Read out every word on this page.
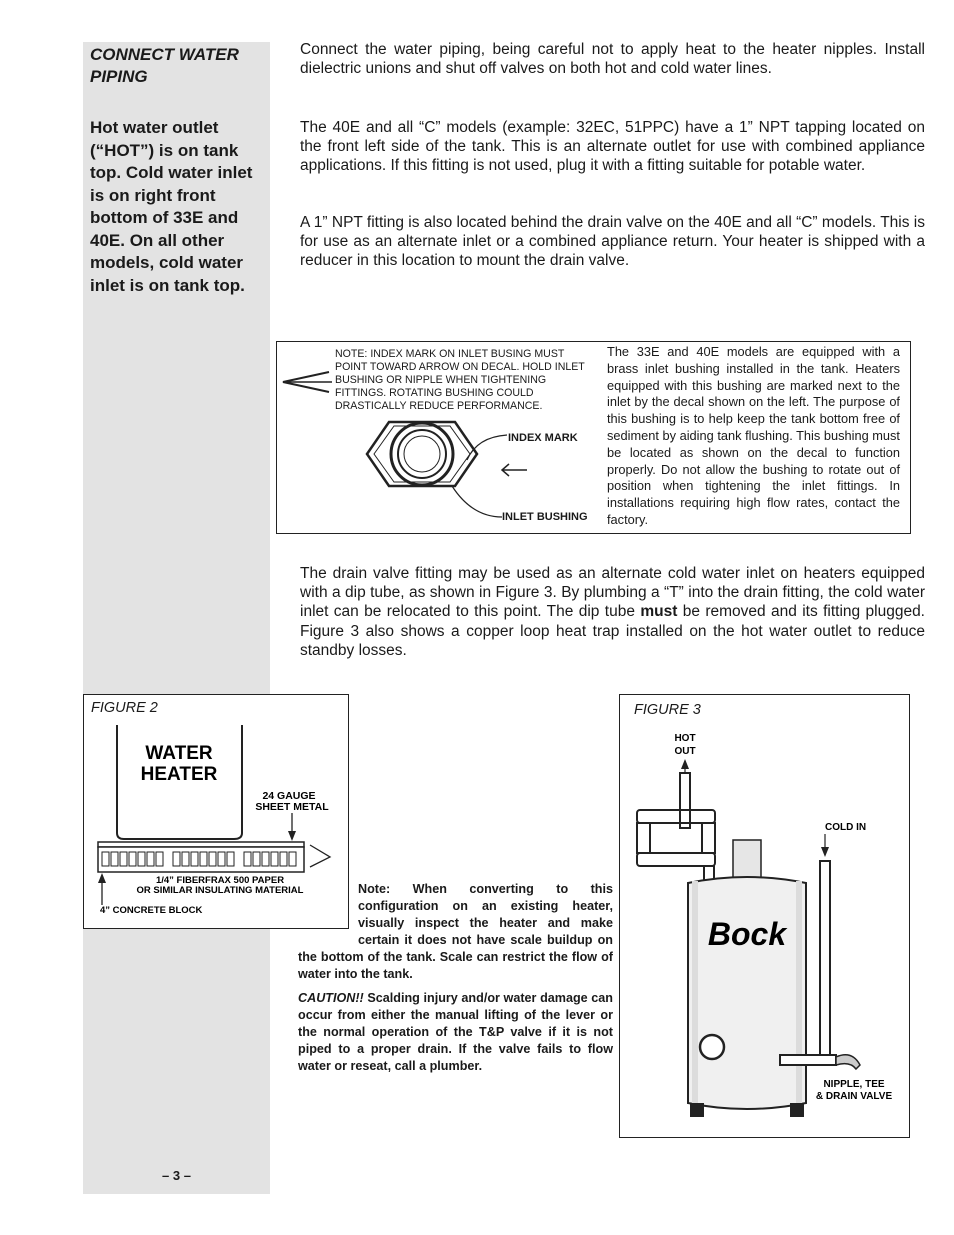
CONNECT WATER PIPING
Hot water outlet (“HOT”) is on tank top. Cold water inlet is on right front bottom of 33E and 40E. On all other models, cold water inlet is on tank top.
– 3 –
Connect the water piping, being careful not to apply heat to the heater nipples. Install dielectric unions and shut off valves on both hot and cold water lines.
The 40E and all “C” models (example: 32EC, 51PPC) have a 1” NPT tapping located on the front left side of the tank. This is an alternate outlet for use with combined appliance applications. If this fitting is not used, plug it with a fitting suitable for potable water.
A 1” NPT fitting is also located behind the drain valve on the 40E and all “C” models. This is for use as an alternate inlet or a combined appliance return. Your heater is shipped with a reducer in this location to mount the drain valve.
NOTE: INDEX MARK ON INLET BUSING MUST POINT TOWARD ARROW ON DECAL. HOLD INLET BUSHING OR NIPPLE WHEN TIGHTENING FITTINGS. ROTATING BUSHING COULD DRASTICALLY REDUCE PERFORMANCE.
INDEX MARK
INLET BUSHING
The 33E and 40E models are equipped with a brass inlet bushing installed in the tank. Heaters equipped with this bushing are marked next to the inlet by the decal shown on the left. The purpose of this bushing is to help keep the tank bottom free of sediment by aiding tank flushing. This bushing must be located as shown on the decal to function properly. Do not allow the bushing to rotate out of position when tightening the inlet fittings. In installations requiring high flow rates, contact the factory.
The drain valve fitting may be used as an alternate cold water inlet on heaters equipped with a dip tube, as shown in Figure 3. By plumbing a “T” into the drain fitting, the cold water inlet can be relocated to this point. The dip tube must be removed and its fitting plugged. Figure 3 also shows a copper loop heat trap installed on the hot water outlet to reduce standby losses.
FIGURE 2
WATER
HEATER
24 GAUGE
SHEET METAL
1/4” FIBERFRAX 500 PAPER
OR SIMILAR INSULATING MATERIAL
4” CONCRETE BLOCK
FIGURE 3
HOT
OUT
Bock
COLD IN
NIPPLE, TEE
& DRAIN VALVE
Note: When converting to this configuration on an existing heater, visually inspect the heater and make certain it does not have scale buildup on the bottom of the tank. Scale can restrict the flow of water into the tank.
CAUTION!! Scalding injury and/or water damage can occur from either the manual lifting of the lever or the normal operation of the T&P valve if it is not piped to a proper drain. If the valve fails to flow water or reseat, call a plumber.
